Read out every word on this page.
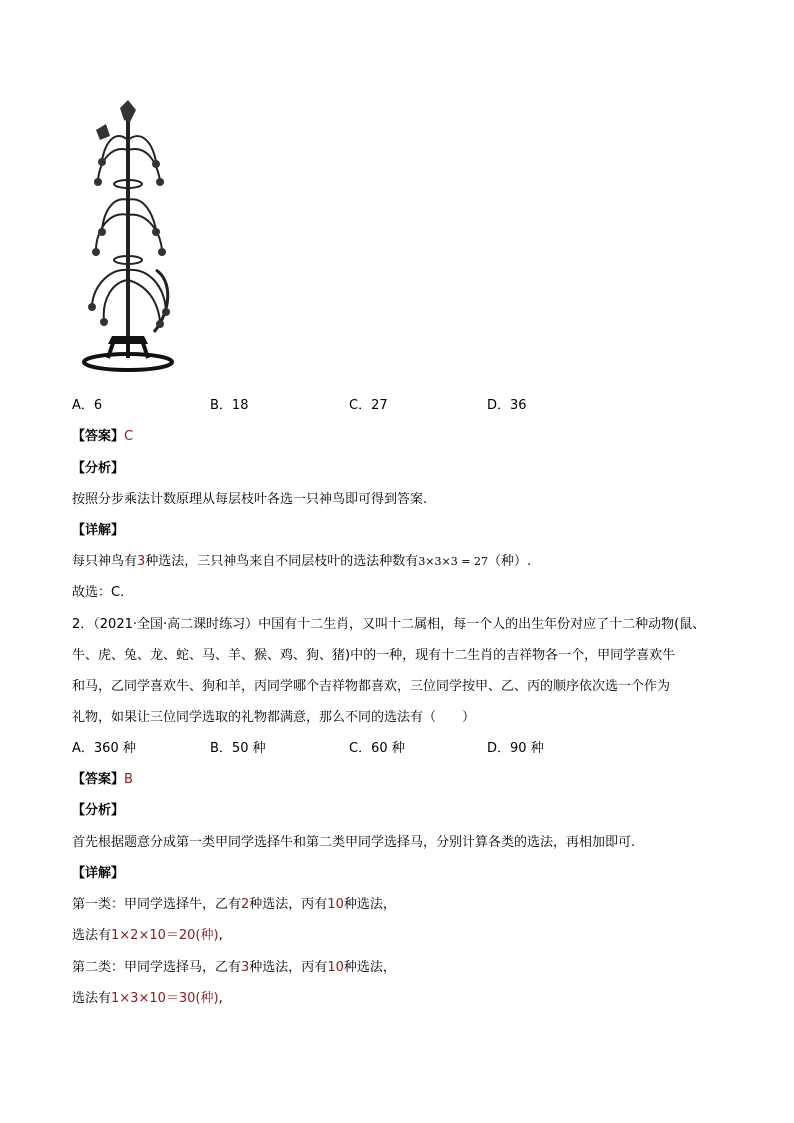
A．6	B．18	C．27	D．36
【答案】C
【分析】
按照分步乘法计数原理从每层枝叶各选一只神鸟即可得到答案.
【详解】
每只神鸟有3种选法，三只神鸟来自不同层枝叶的选法种数有3×3×3 = 27（种）.
故选：C.
2．（2021·全国·高二课时练习）中国有十二生肖，又叫十二属相，每一个人的出生年份对应了十二种动物(鼠、
牛、虎、兔、龙、蛇、马、羊、猴、鸡、狗、猪)中的一种，现有十二生肖的吉祥物各一个，甲同学喜欢牛
和马，乙同学喜欢牛、狗和羊，丙同学哪个吉祥物都喜欢，三位同学按甲、乙、丙的顺序依次选一个作为
礼物，如果让三位同学选取的礼物都满意，那么不同的选法有（　　）
A．360 种	B．50 种	C．60 种	D．90 种
【答案】B
【分析】
首先根据题意分成第一类甲同学选择牛和第二类甲同学选择马，分别计算各类的选法，再相加即可.
【详解】
第一类：甲同学选择牛，乙有2种选法，丙有10种选法，
选法有1×2×10＝20(种),
第二类：甲同学选择马，乙有3种选法，丙有10种选法，
选法有1×3×10＝30(种),
